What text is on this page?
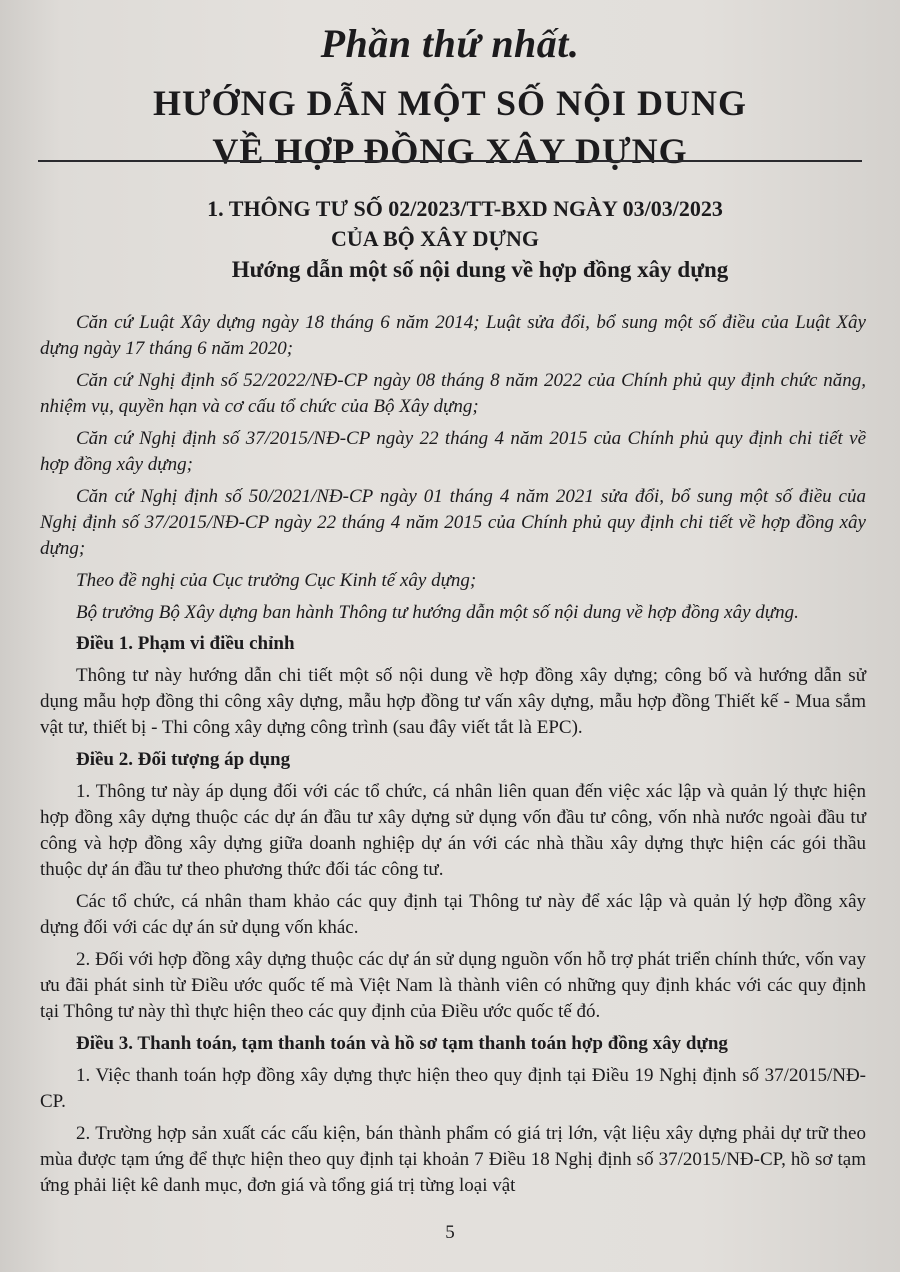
Phần thứ nhất.
HƯỚNG DẪN MỘT SỐ NỘI DUNG
VỀ HỢP ĐỒNG XÂY DỰNG
1. THÔNG TƯ SỐ 02/2023/TT-BXD NGÀY 03/03/2023
CỦA BỘ XÂY DỰNG
Hướng dẫn một số nội dung về hợp đồng xây dựng

Căn cứ Luật Xây dựng ngày 18 tháng 6 năm 2014; Luật sửa đổi, bổ sung một số điều của Luật Xây dựng ngày 17 tháng 6 năm 2020;

Căn cứ Nghị định số 52/2022/NĐ-CP ngày 08 tháng 8 năm 2022 của Chính phủ quy định chức năng, nhiệm vụ, quyền hạn và cơ cấu tổ chức của Bộ Xây dựng;

Căn cứ Nghị định số 37/2015/NĐ-CP ngày 22 tháng 4 năm 2015 của Chính phủ quy định chi tiết về hợp đồng xây dựng;

Căn cứ Nghị định số 50/2021/NĐ-CP ngày 01 tháng 4 năm 2021 sửa đổi, bổ sung một số điều của Nghị định số 37/2015/NĐ-CP ngày 22 tháng 4 năm 2015 của Chính phủ quy định chi tiết về hợp đồng xây dựng;

Theo đề nghị của Cục trưởng Cục Kinh tế xây dựng;

Bộ trưởng Bộ Xây dựng ban hành Thông tư hướng dẫn một số nội dung về hợp đồng xây dựng.

Điều 1. Phạm vi điều chỉnh

Thông tư này hướng dẫn chi tiết một số nội dung về hợp đồng xây dựng; công bố và hướng dẫn sử dụng mẫu hợp đồng thi công xây dựng, mẫu hợp đồng tư vấn xây dựng, mẫu hợp đồng Thiết kế - Mua sắm vật tư, thiết bị - Thi công xây dựng công trình (sau đây viết tắt là EPC).

Điều 2. Đối tượng áp dụng

1. Thông tư này áp dụng đối với các tổ chức, cá nhân liên quan đến việc xác lập và quản lý thực hiện hợp đồng xây dựng thuộc các dự án đầu tư xây dựng sử dụng vốn đầu tư công, vốn nhà nước ngoài đầu tư công và hợp đồng xây dựng giữa doanh nghiệp dự án với các nhà thầu xây dựng thực hiện các gói thầu thuộc dự án đầu tư theo phương thức đối tác công tư.

Các tổ chức, cá nhân tham khảo các quy định tại Thông tư này để xác lập và quản lý hợp đồng xây dựng đối với các dự án sử dụng vốn khác.

2. Đối với hợp đồng xây dựng thuộc các dự án sử dụng nguồn vốn hỗ trợ phát triển chính thức, vốn vay ưu đãi phát sinh từ Điều ước quốc tế mà Việt Nam là thành viên có những quy định khác với các quy định tại Thông tư này thì thực hiện theo các quy định của Điều ước quốc tế đó.

Điều 3. Thanh toán, tạm thanh toán và hồ sơ tạm thanh toán hợp đồng xây dựng

1. Việc thanh toán hợp đồng xây dựng thực hiện theo quy định tại Điều 19 Nghị định số 37/2015/NĐ-CP.

2. Trường hợp sản xuất các cấu kiện, bán thành phẩm có giá trị lớn, vật liệu xây dựng phải dự trữ theo mùa được tạm ứng để thực hiện theo quy định tại khoản 7 Điều 18 Nghị định số 37/2015/NĐ-CP, hồ sơ tạm ứng phải liệt kê danh mục, đơn giá và tổng giá trị từng loại vật

5
